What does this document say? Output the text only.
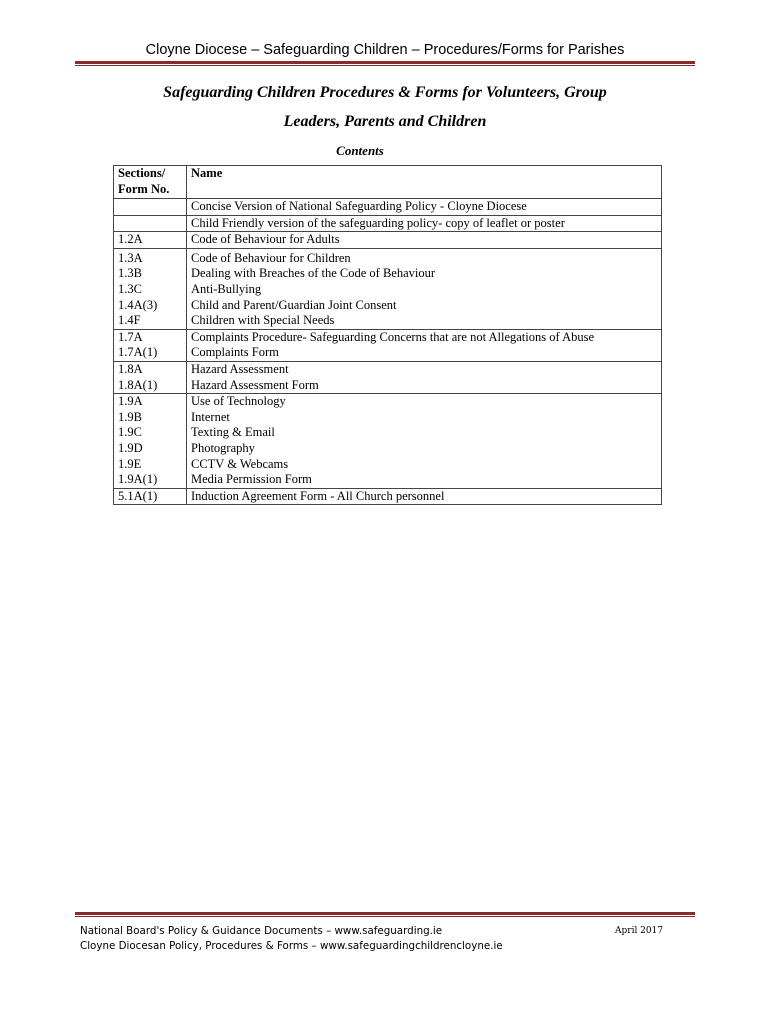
Cloyne Diocese – Safeguarding Children – Procedures/Forms for Parishes
Safeguarding Children Procedures & Forms for Volunteers, Group
Leaders, Parents and Children
Contents
Sections/
Form No.	Name
	Concise Version of National Safeguarding Policy - Cloyne Diocese
	Child Friendly version of the safeguarding policy- copy of leaflet or poster
1.2A	Code of Behaviour for Adults
1.3A	Code of Behaviour for Children
1.3B	Dealing with Breaches of the Code of Behaviour
1.3C	Anti-Bullying
1.4A(3)	Child and Parent/Guardian Joint Consent
1.4F	Children with Special Needs
1.7A	Complaints Procedure- Safeguarding Concerns that are not Allegations of Abuse
1.7A(1)	Complaints Form
1.8A	Hazard Assessment
1.8A(1)	Hazard Assessment Form
1.9A	Use of Technology
1.9B	Internet
1.9C	Texting & Email
1.9D	Photography
1.9E	CCTV & Webcams
1.9A(1)	Media Permission Form
5.1A(1)	Induction Agreement Form - All Church personnel
National Board's Policy & Guidance Documents – www.safeguarding.ie
Cloyne Diocesan Policy, Procedures & Forms – www.safeguardingchildrencloyne.ie
April 2017
